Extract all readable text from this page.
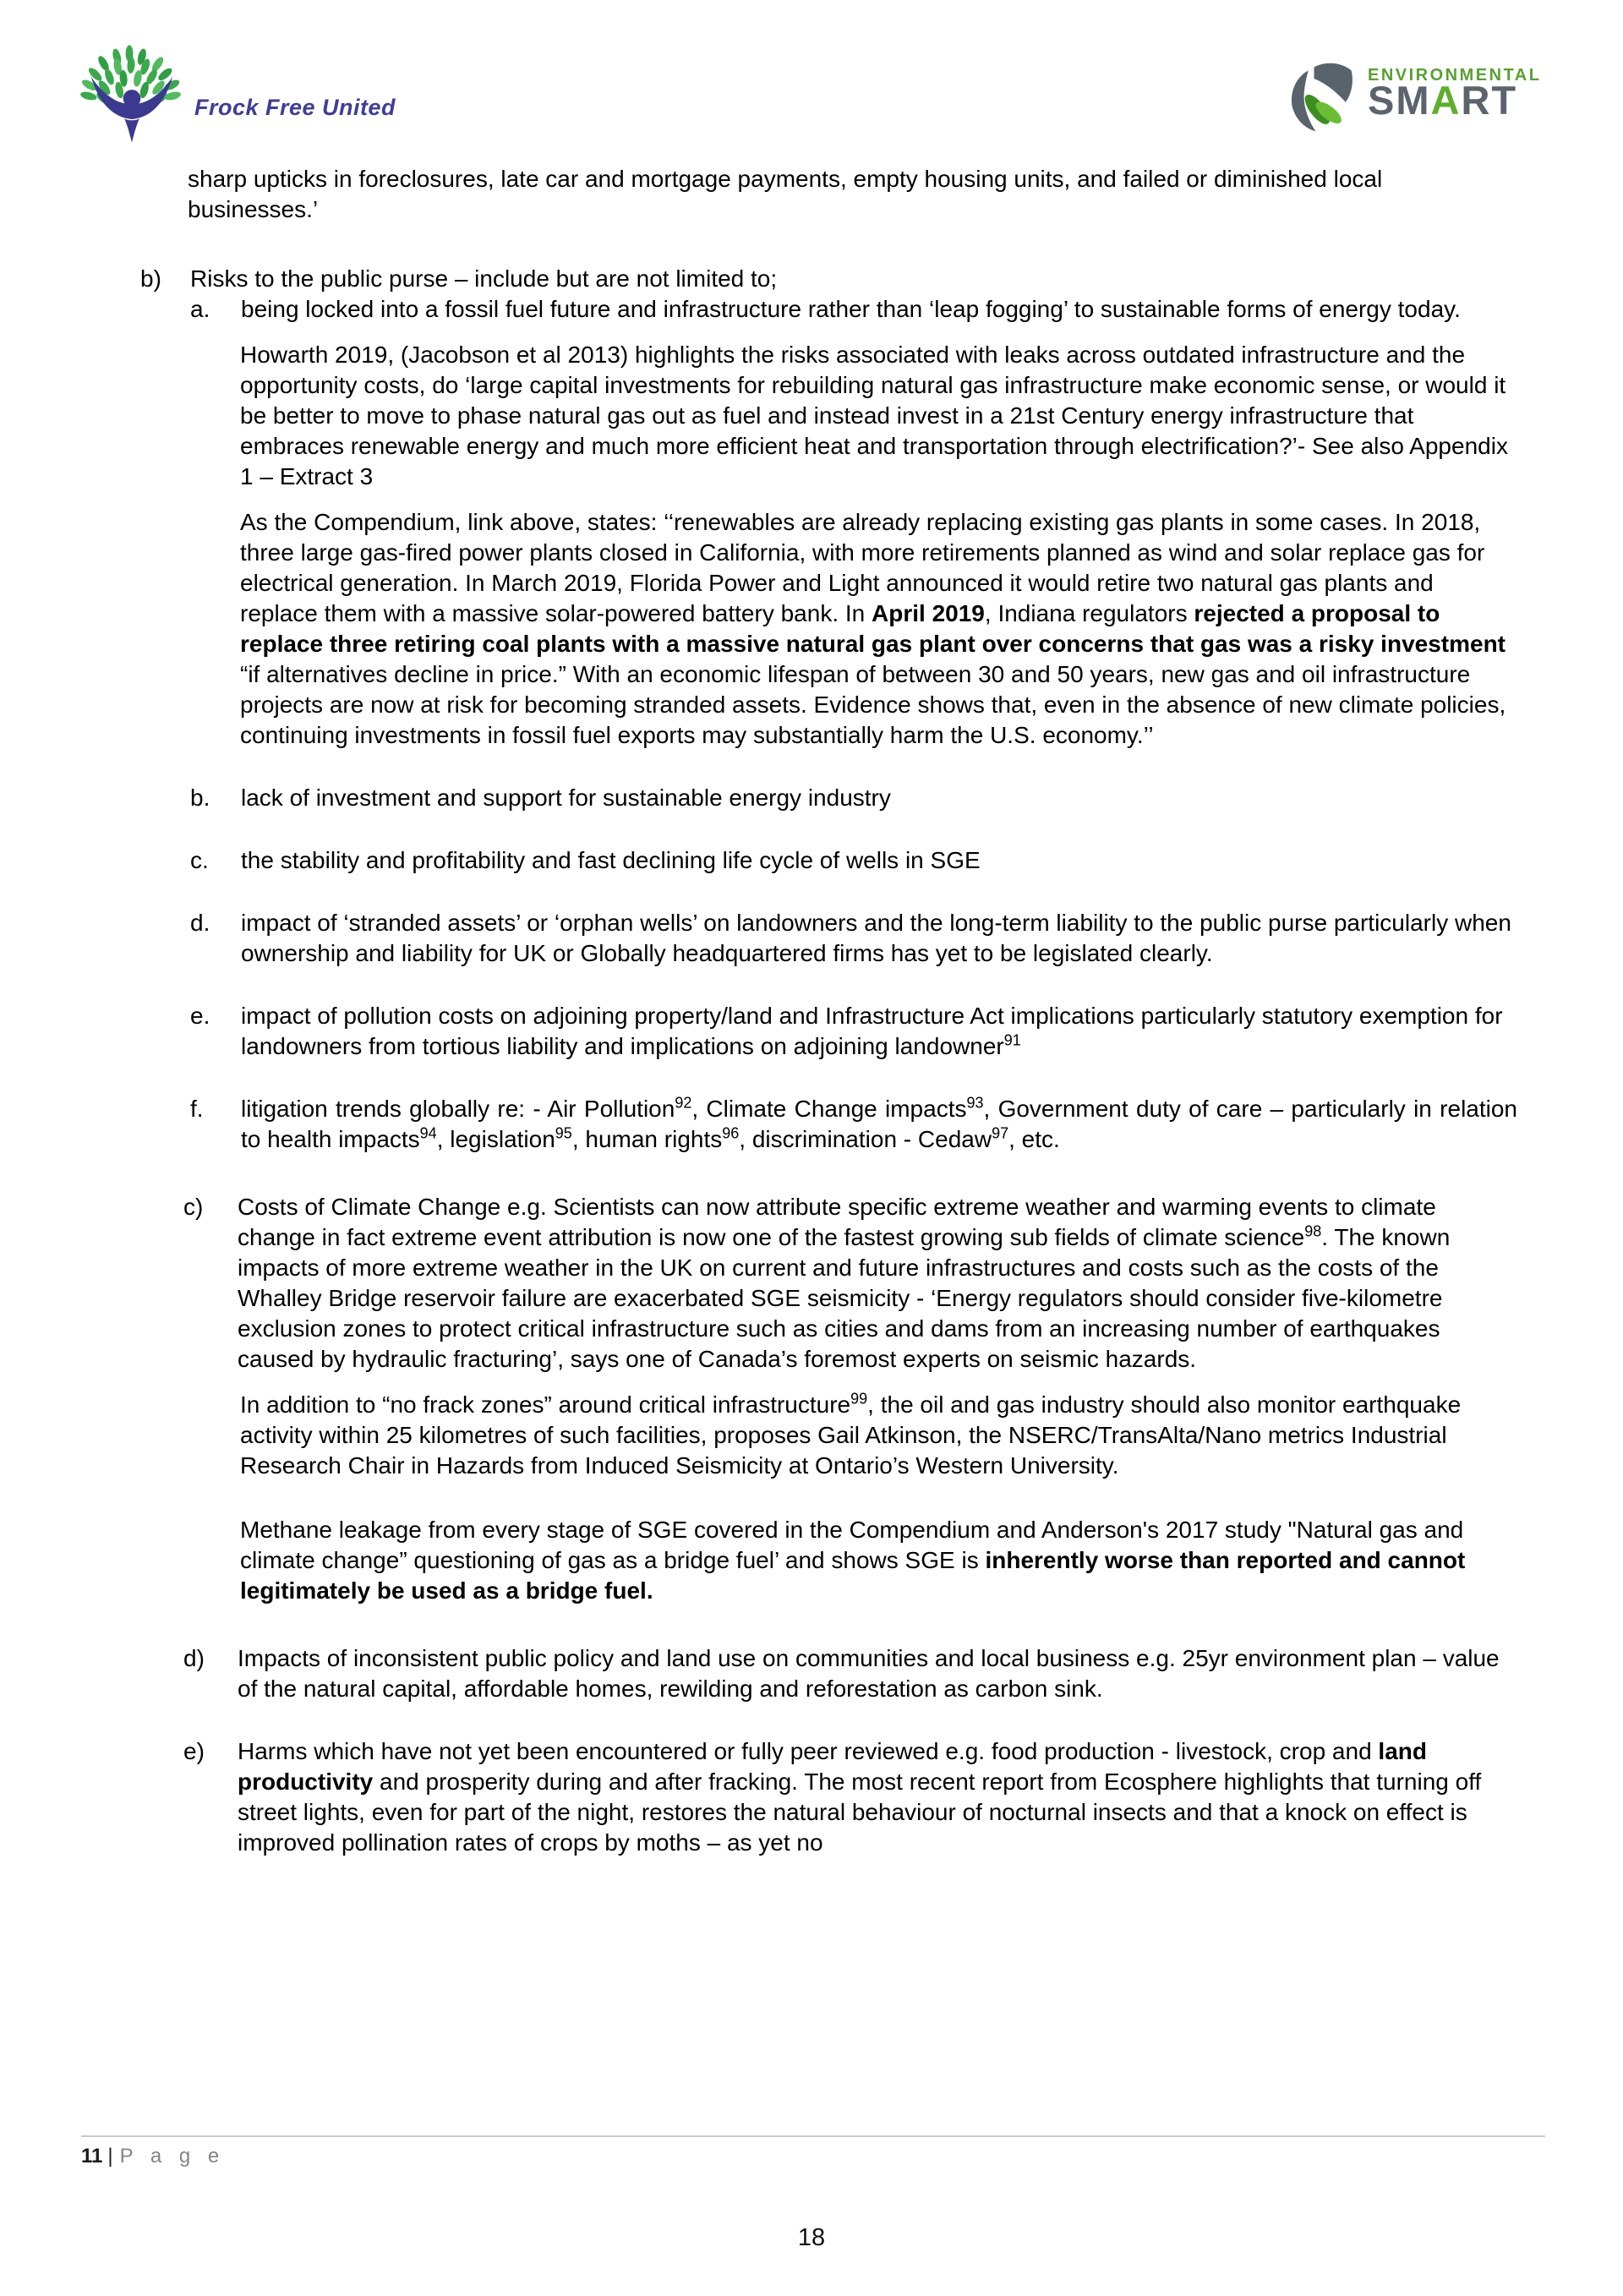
Frock Free United
ENVIRONMENTAL
SMART
sharp upticks in foreclosures, late car and mortgage payments, empty housing units, and failed or diminished local businesses.’
b) Risks to the public purse – include but are not limited to;
a. being locked into a fossil fuel future and infrastructure rather than ‘leap fogging’ to sustainable forms of energy today.
Howarth 2019, (Jacobson et al 2013) highlights the risks associated with leaks across outdated infrastructure and the opportunity costs, do ‘large capital investments for rebuilding natural gas infrastructure make economic sense, or would it be better to move to phase natural gas out as fuel and instead invest in a 21st Century energy infrastructure that embraces renewable energy and much more efficient heat and transportation through electrification?’- See also Appendix 1 – Extract 3
As the Compendium, link above, states: ‘‘renewables are already replacing existing gas plants in some cases. In 2018, three large gas-fired power plants closed in California, with more retirements planned as wind and solar replace gas for electrical generation. In March 2019, Florida Power and Light announced it would retire two natural gas plants and replace them with a massive solar-powered battery bank. In April 2019, Indiana regulators rejected a proposal to replace three retiring coal plants with a massive natural gas plant over concerns that gas was a risky investment “if alternatives decline in price.” With an economic lifespan of between 30 and 50 years, new gas and oil infrastructure projects are now at risk for becoming stranded assets. Evidence shows that, even in the absence of new climate policies, continuing investments in fossil fuel exports may substantially harm the U.S. economy.’’
b. lack of investment and support for sustainable energy industry
c. the stability and profitability and fast declining life cycle of wells in SGE
d. impact of ‘stranded assets’ or ‘orphan wells’ on landowners and the long-term liability to the public purse particularly when ownership and liability for UK or Globally headquartered firms has yet to be legislated clearly.
e. impact of pollution costs on adjoining property/land and Infrastructure Act implications particularly statutory exemption for landowners from tortious liability and implications on adjoining landowner$^{91}$
f. litigation trends globally re: - Air Pollution$^{92}$, Climate Change impacts$^{93}$, Government duty of care – particularly in relation to health impacts$^{94}$, legislation$^{95}$, human rights$^{96}$, discrimination - Cedaw$^{97}$, etc.
c) Costs of Climate Change e.g. Scientists can now attribute specific extreme weather and warming events to climate change in fact extreme event attribution is now one of the fastest growing sub fields of climate science$^{98}$. The known impacts of more extreme weather in the UK on current and future infrastructures and costs such as the costs of the Whalley Bridge reservoir failure are exacerbated SGE seismicity - ‘Energy regulators should consider five-kilometre exclusion zones to protect critical infrastructure such as cities and dams from an increasing number of earthquakes caused by hydraulic fracturing’, says one of Canada’s foremost experts on seismic hazards.
In addition to “no frack zones” around critical infrastructure$^{99}$, the oil and gas industry should also monitor earthquake activity within 25 kilometres of such facilities, proposes Gail Atkinson, the NSERC/TransAlta/Nano metrics Industrial Research Chair in Hazards from Induced Seismicity at Ontario’s Western University.
Methane leakage from every stage of SGE covered in the Compendium and Anderson's 2017 study "Natural gas and climate change” questioning of gas as a bridge fuel’ and shows SGE is inherently worse than reported and cannot legitimately be used as a bridge fuel.
d) Impacts of inconsistent public policy and land use on communities and local business e.g. 25yr environment plan – value of the natural capital, affordable homes, rewilding and reforestation as carbon sink.
e) Harms which have not yet been encountered or fully peer reviewed e.g. food production - livestock, crop and land productivity and prosperity during and after fracking. The most recent report from Ecosphere highlights that turning off street lights, even for part of the night, restores the natural behaviour of nocturnal insects and that a knock on effect is improved pollination rates of crops by moths – as yet no
11 | P a g e
18
